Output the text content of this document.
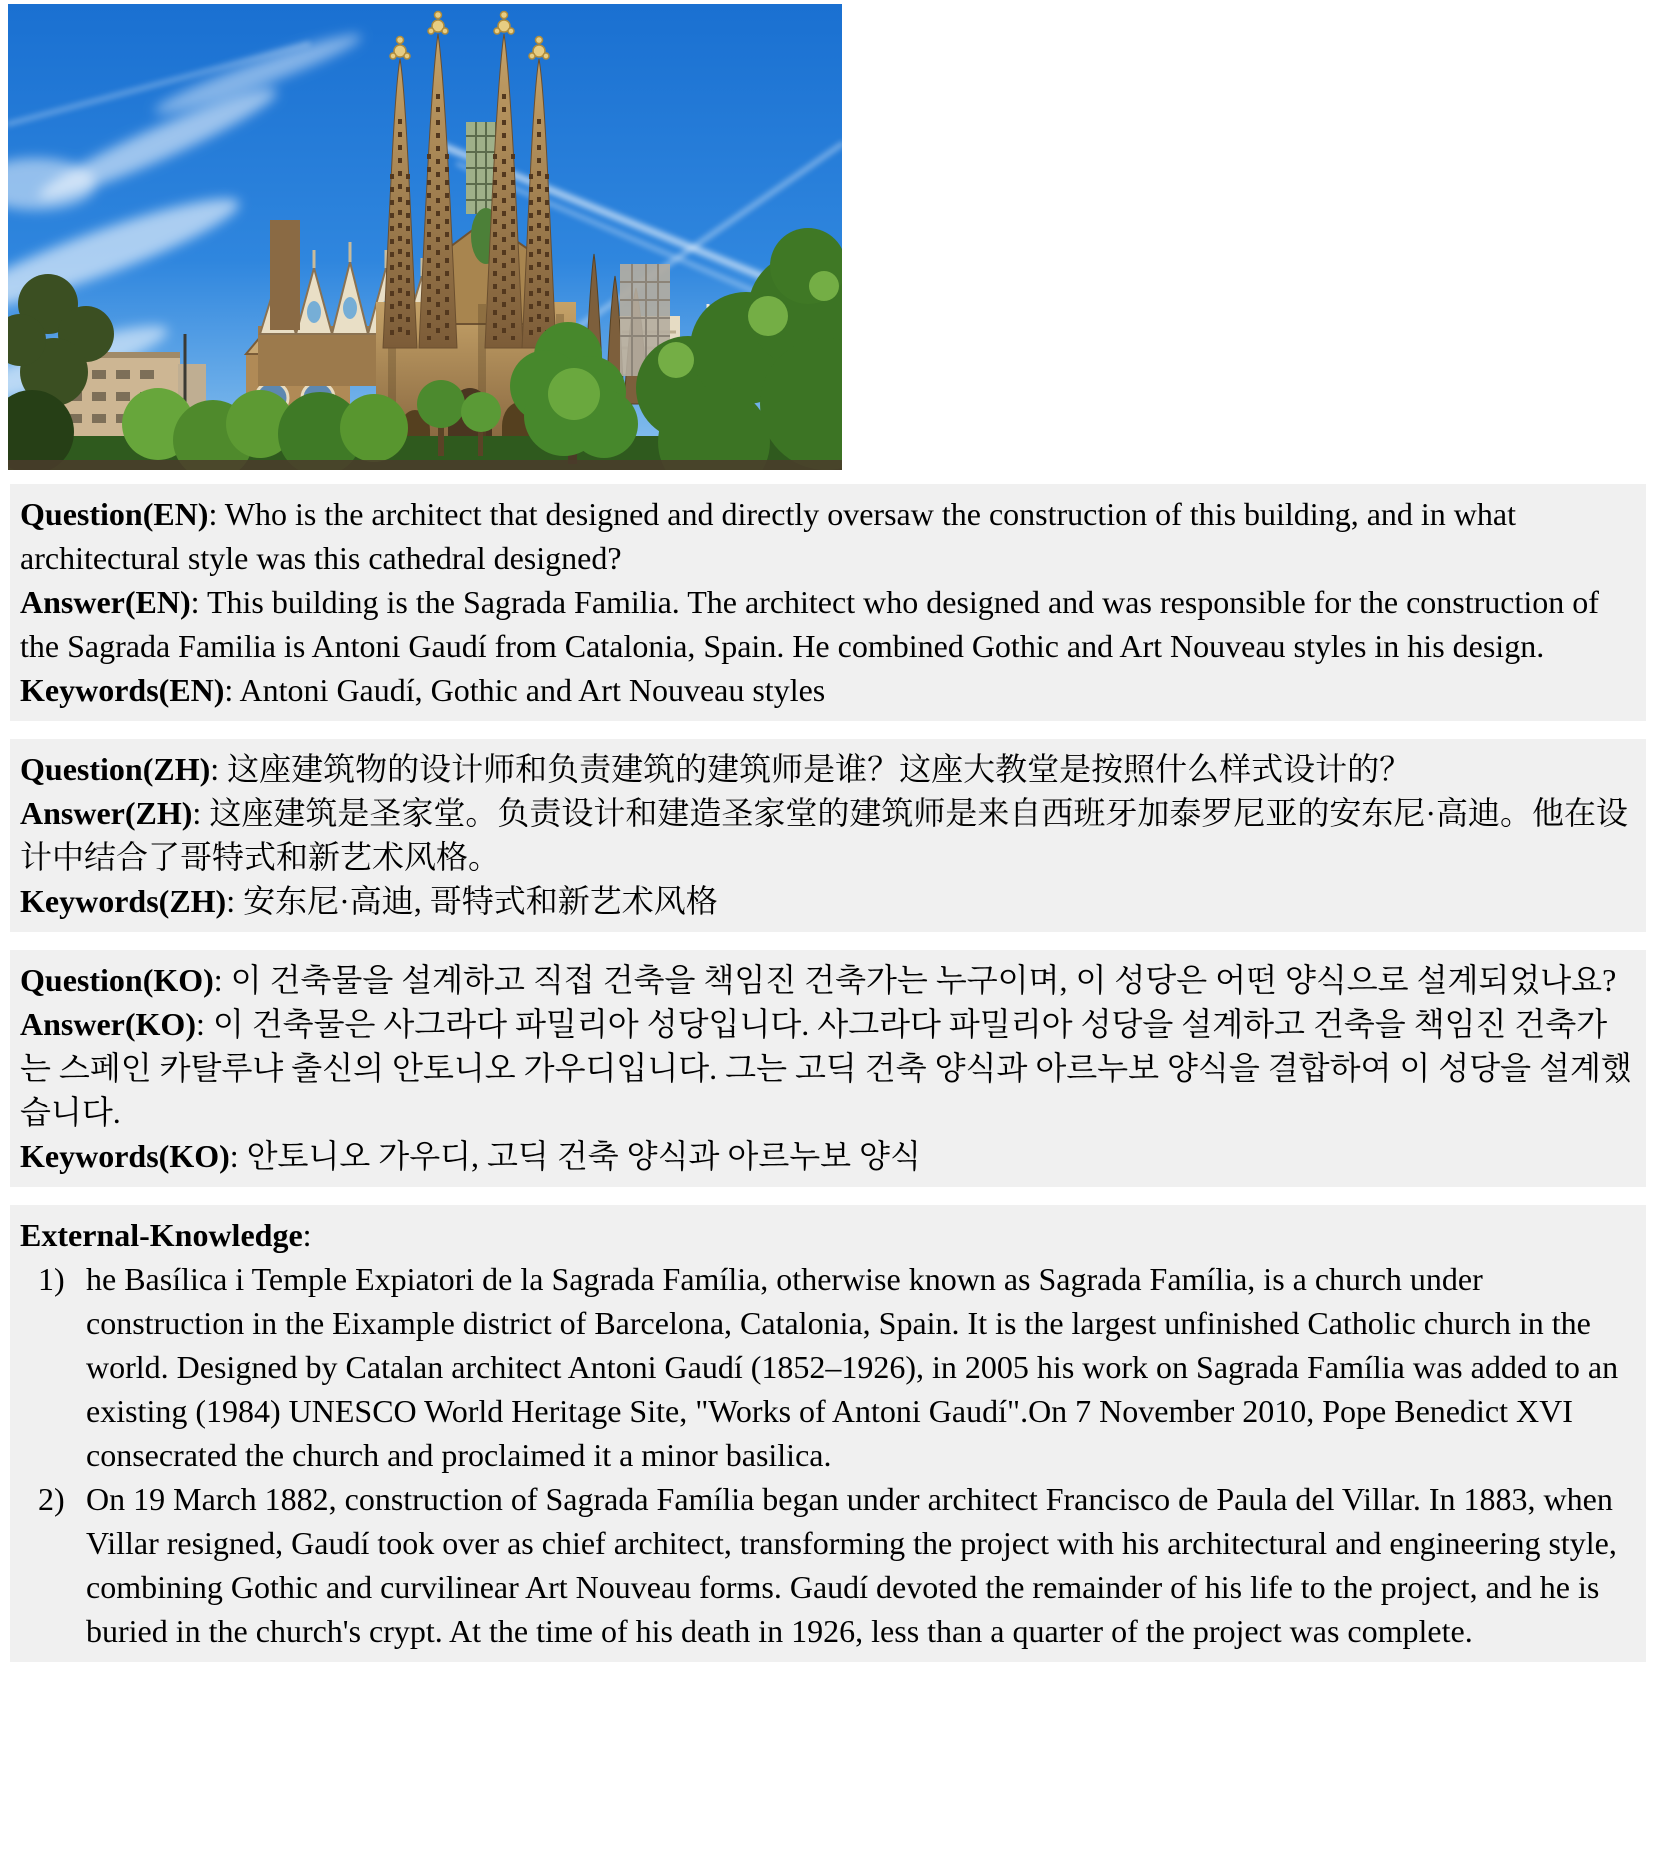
Question(EN): Who is the architect that designed and directly oversaw the construction of this building, and in what architectural style was this cathedral designed?

Answer(EN): This building is the Sagrada Familia. The architect who designed and was responsible for the construction of the Sagrada Familia is Antoni Gaudí from Catalonia, Spain. He combined Gothic and Art Nouveau styles in his design.

Keywords(EN): Antoni Gaudí, Gothic and Art Nouveau styles

Question(ZH): 这座建筑物的设计师和负责建筑的建筑师是谁？这座大教堂是按照什么样式设计的？

Answer(ZH): 这座建筑是圣家堂。负责设计和建造圣家堂的建筑师是来自西班牙加泰罗尼亚的安东尼·高迪。他在设计中结合了哥特式和新艺术风格。

Keywords(ZH): 安东尼·高迪, 哥特式和新艺术风格

Question(KO): 이 건축물을 설계하고 직접 건축을 책임진 건축가는 누구이며, 이 성당은 어떤 양식으로 설계되었나요?

Answer(KO): 이 건축물은 사그라다 파밀리아 성당입니다. 사그라다 파밀리아 성당을 설계하고 건축을 책임진 건축가는 스페인 카탈루냐 출신의 안토니오 가우디입니다. 그는 고딕 건축 양식과 아르누보 양식을 결합하여 이 성당을 설계했습니다.

Keywords(KO): 안토니오 가우디, 고딕 건축 양식과 아르누보 양식

External-Knowledge:

1) he Basílica i Temple Expiatori de la Sagrada Família, otherwise known as Sagrada Família, is a church under construction in the Eixample district of Barcelona, Catalonia, Spain. It is the largest unfinished Catholic church in the world. Designed by Catalan architect Antoni Gaudí (1852–1926), in 2005 his work on Sagrada Família was added to an existing (1984) UNESCO World Heritage Site, "Works of Antoni Gaudí".On 7 November 2010, Pope Benedict XVI consecrated the church and proclaimed it a minor basilica.
2) On 19 March 1882, construction of Sagrada Família began under architect Francisco de Paula del Villar. In 1883, when Villar resigned, Gaudí took over as chief architect, transforming the project with his architectural and engineering style, combining Gothic and curvilinear Art Nouveau forms. Gaudí devoted the remainder of his life to the project, and he is buried in the church's crypt. At the time of his death in 1926, less than a quarter of the project was complete.
